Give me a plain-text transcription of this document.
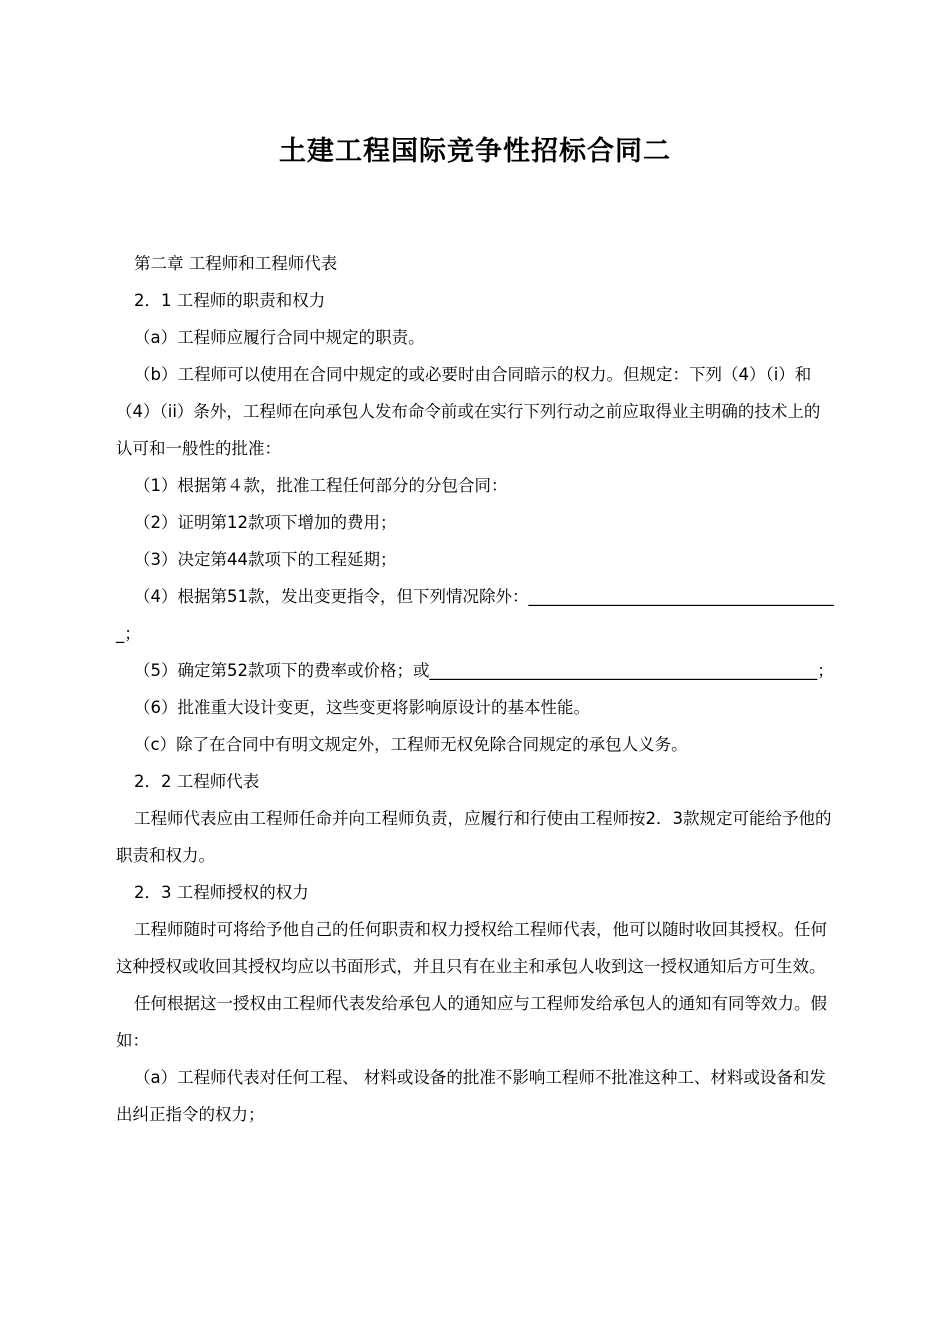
土建工程国际竞争性招标合同二

第二章 工程师和工程师代表

2．1 工程师的职责和权力

（a）工程师应履行合同中规定的职责。

（b）工程师可以使用在合同中规定的或必要时由合同暗示的权力。但规定：下列（4）（i）和（4）（ii）条外，工程师在向承包人发布命令前或在实行下列行动之前应取得业主明确的技术上的认可和一般性的批准：

（1）根据第４款，批准工程任何部分的分包合同：

（2）证明第12款项下增加的费用；

（3）决定第44款项下的工程延期；

（4）根据第51款，发出变更指令，但下列情况除外：______________________________________；

（5）确定第52款项下的费率或价格；或_______________________________________________；

（6）批准重大设计变更，这些变更将影响原设计的基本性能。

（c）除了在合同中有明文规定外，工程师无权免除合同规定的承包人义务。

2．2 工程师代表

工程师代表应由工程师任命并向工程师负责，应履行和行使由工程师按2．3款规定可能给予他的职责和权力。

2．3 工程师授权的权力

工程师随时可将给予他自己的任何职责和权力授权给工程师代表，他可以随时收回其授权。任何这种授权或收回其授权均应以书面形式，并且只有在业主和承包人收到这一授权通知后方可生效。

任何根据这一授权由工程师代表发给承包人的通知应与工程师发给承包人的通知有同等效力。假如：

（a）工程师代表对任何工程、 材料或设备的批准不影响工程师不批准这种工、材料或设备和发出纠正指令的权力；
